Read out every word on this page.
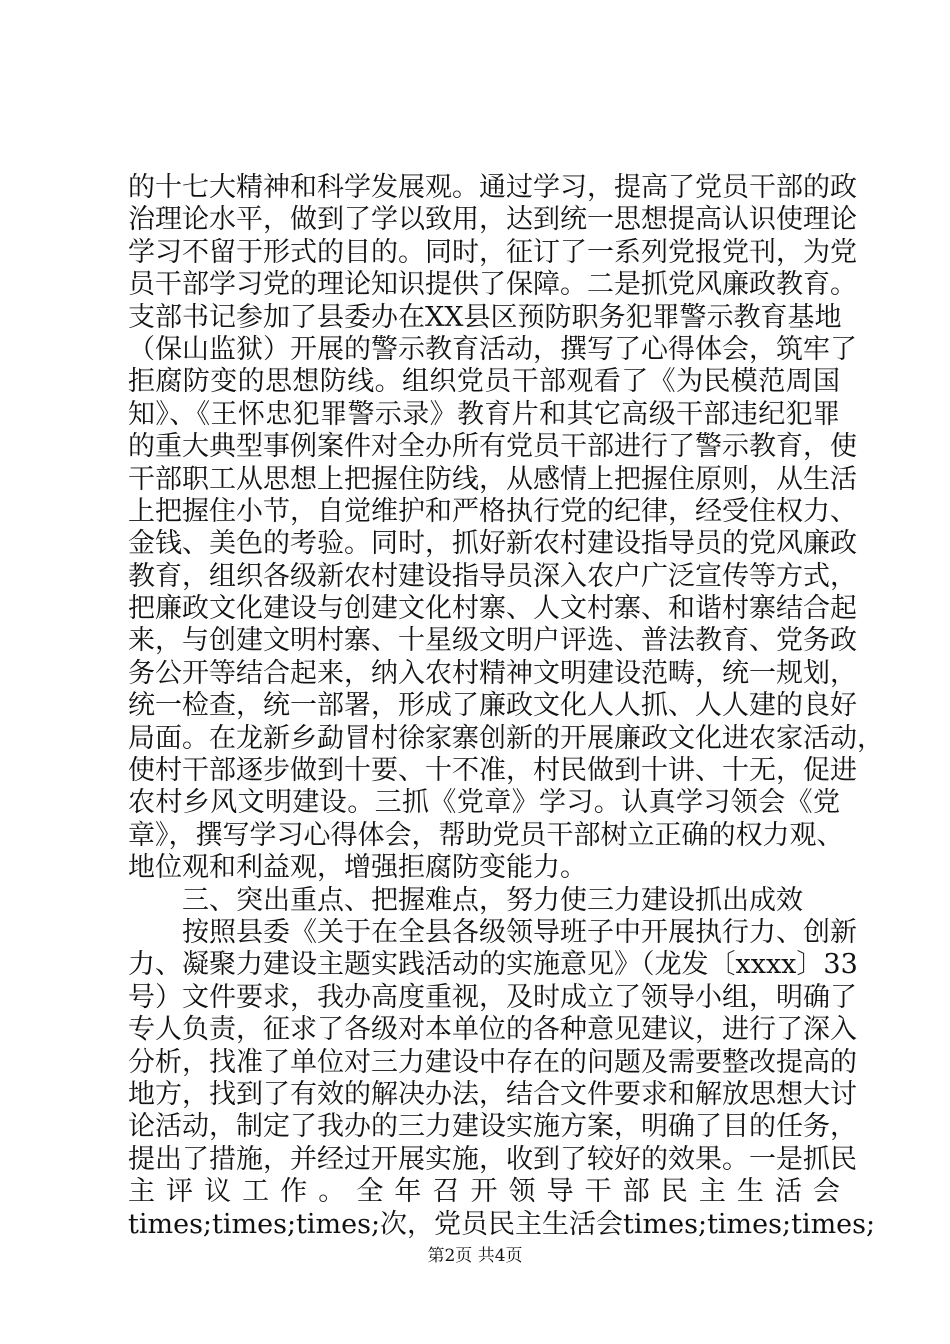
的十七大精神和科学发展观。通过学习，提高了党员干部的政
治理论水平，做到了学以致用，达到统一思想提高认识使理论
学习不留于形式的目的。同时，征订了一系列党报党刊，为党
员干部学习党的理论知识提供了保障。二是抓党风廉政教育。
支部书记参加了县委办在XX县区预防职务犯罪警示教育基地
（保山监狱）开展的警示教育活动，撰写了心得体会，筑牢了
拒腐防变的思想防线。组织党员干部观看了《为民模范周国
知》、《王怀忠犯罪警示录》教育片和其它高级干部违纪犯罪
的重大典型事例案件对全办所有党员干部进行了警示教育，使
干部职工从思想上把握住防线，从感情上把握住原则，从生活
上把握住小节，自觉维护和严格执行党的纪律，经受住权力、
金钱、美色的考验。同时，抓好新农村建设指导员的党风廉政
教育，组织各级新农村建设指导员深入农户广泛宣传等方式，
把廉政文化建设与创建文化村寨、人文村寨、和谐村寨结合起
来，与创建文明村寨、十星级文明户评选、普法教育、党务政
务公开等结合起来，纳入农村精神文明建设范畴，统一规划，
统一检查，统一部署，形成了廉政文化人人抓、人人建的良好
局面。在龙新乡勐冒村徐家寨创新的开展廉政文化进农家活动，
使村干部逐步做到十要、十不准，村民做到十讲、十无，促进
农村乡风文明建设。三抓《党章》学习。认真学习领会《党
章》，撰写学习心得体会，帮助党员干部树立正确的权力观、
地位观和利益观，增强拒腐防变能力。
三、突出重点、把握难点，努力使三力建设抓出成效
按照县委《关于在全县各级领导班子中开展执行力、创新
力、凝聚力建设主题实践活动的实施意见》（龙发〔xxxx〕33
号）文件要求，我办高度重视，及时成立了领导小组，明确了
专人负责，征求了各级对本单位的各种意见建议，进行了深入
分析，找准了单位对三力建设中存在的问题及需要整改提高的
地方，找到了有效的解决办法，结合文件要求和解放思想大讨
论活动，制定了我办的三力建设实施方案，明确了目的任务，
提出了措施，并经过开展实施，收到了较好的效果。一是抓民
主评议工作。全年召开领导干部民主生活会
times;times;times;次，党员民主生活会times;times;times;
第2页 共4页
